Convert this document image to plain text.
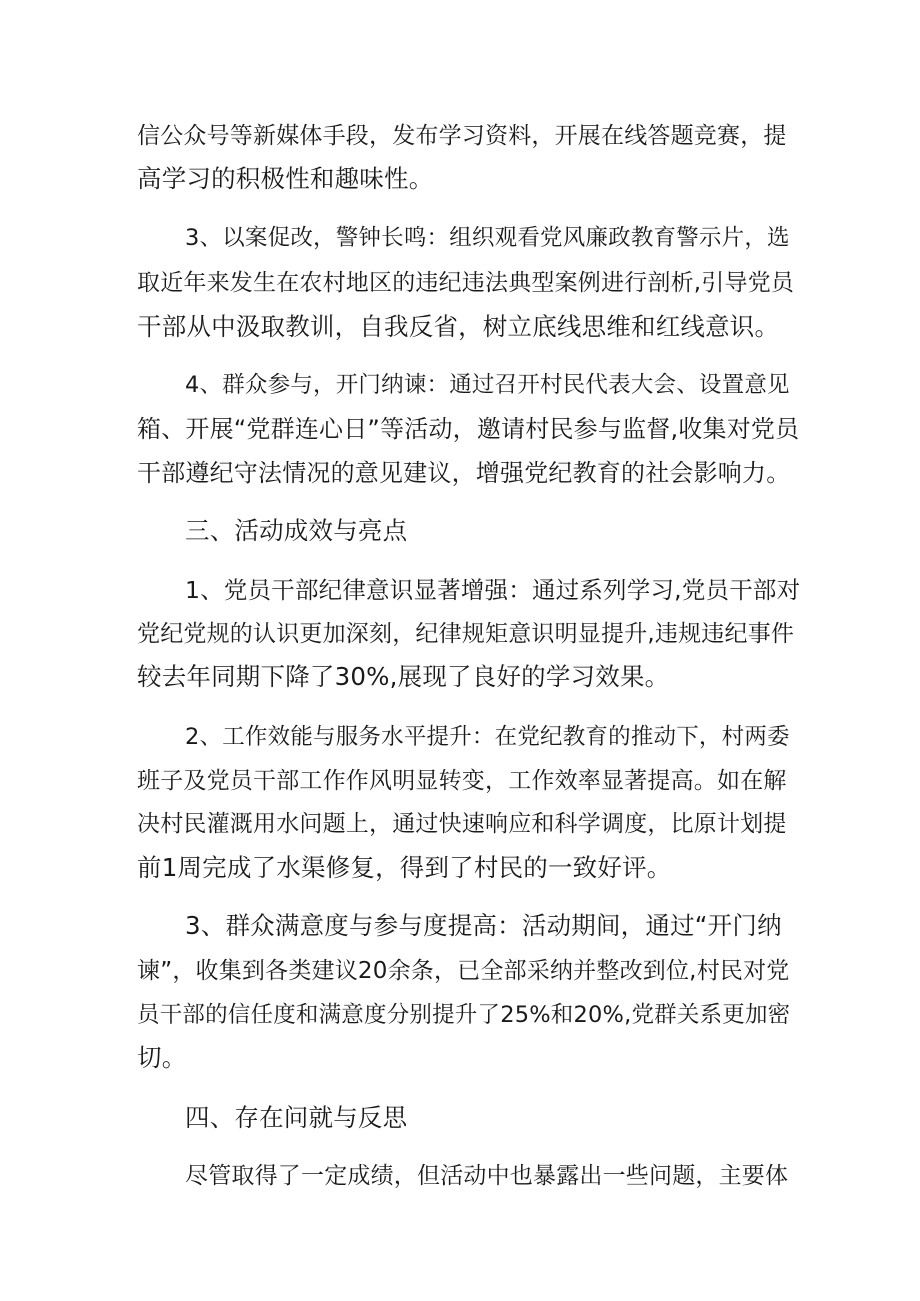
信公众号等新媒体手段，发布学习资料，开展在线答题竞赛，提
高学习的积极性和趣味性。
3、以案促改，警钟长鸣：组织观看党风廉政教育警示片，选
取近年来发生在农村地区的违纪违法典型案例进行剖析,引导党员
干部从中汲取教训，自我反省，树立底线思维和红线意识。
4、群众参与，开门纳谏：通过召开村民代表大会、设置意见
箱、开展“党群连心日”等活动，邀请村民参与监督,收集对党员
干部遵纪守法情况的意见建议，增强党纪教育的社会影响力。
三、活动成效与亮点
1、党员干部纪律意识显著增强：通过系列学习,党员干部对
党纪党规的认识更加深刻，纪律规矩意识明显提升,违规违纪事件
较去年同期下降了30%,展现了良好的学习效果。
2、工作效能与服务水平提升：在党纪教育的推动下，村两委
班子及党员干部工作作风明显转变，工作效率显著提高。如在解
决村民灌溉用水问题上，通过快速响应和科学调度，比原计划提
前1周完成了水渠修复，得到了村民的一致好评。
3、群众满意度与参与度提高：活动期间，通过“开门纳
谏”，收集到各类建议20余条，已全部采纳并整改到位,村民对党
员干部的信任度和满意度分别提升了25%和20%,党群关系更加密
切。
四、存在问就与反思
尽管取得了一定成绩，但活动中也暴露出一些问题，主要体
